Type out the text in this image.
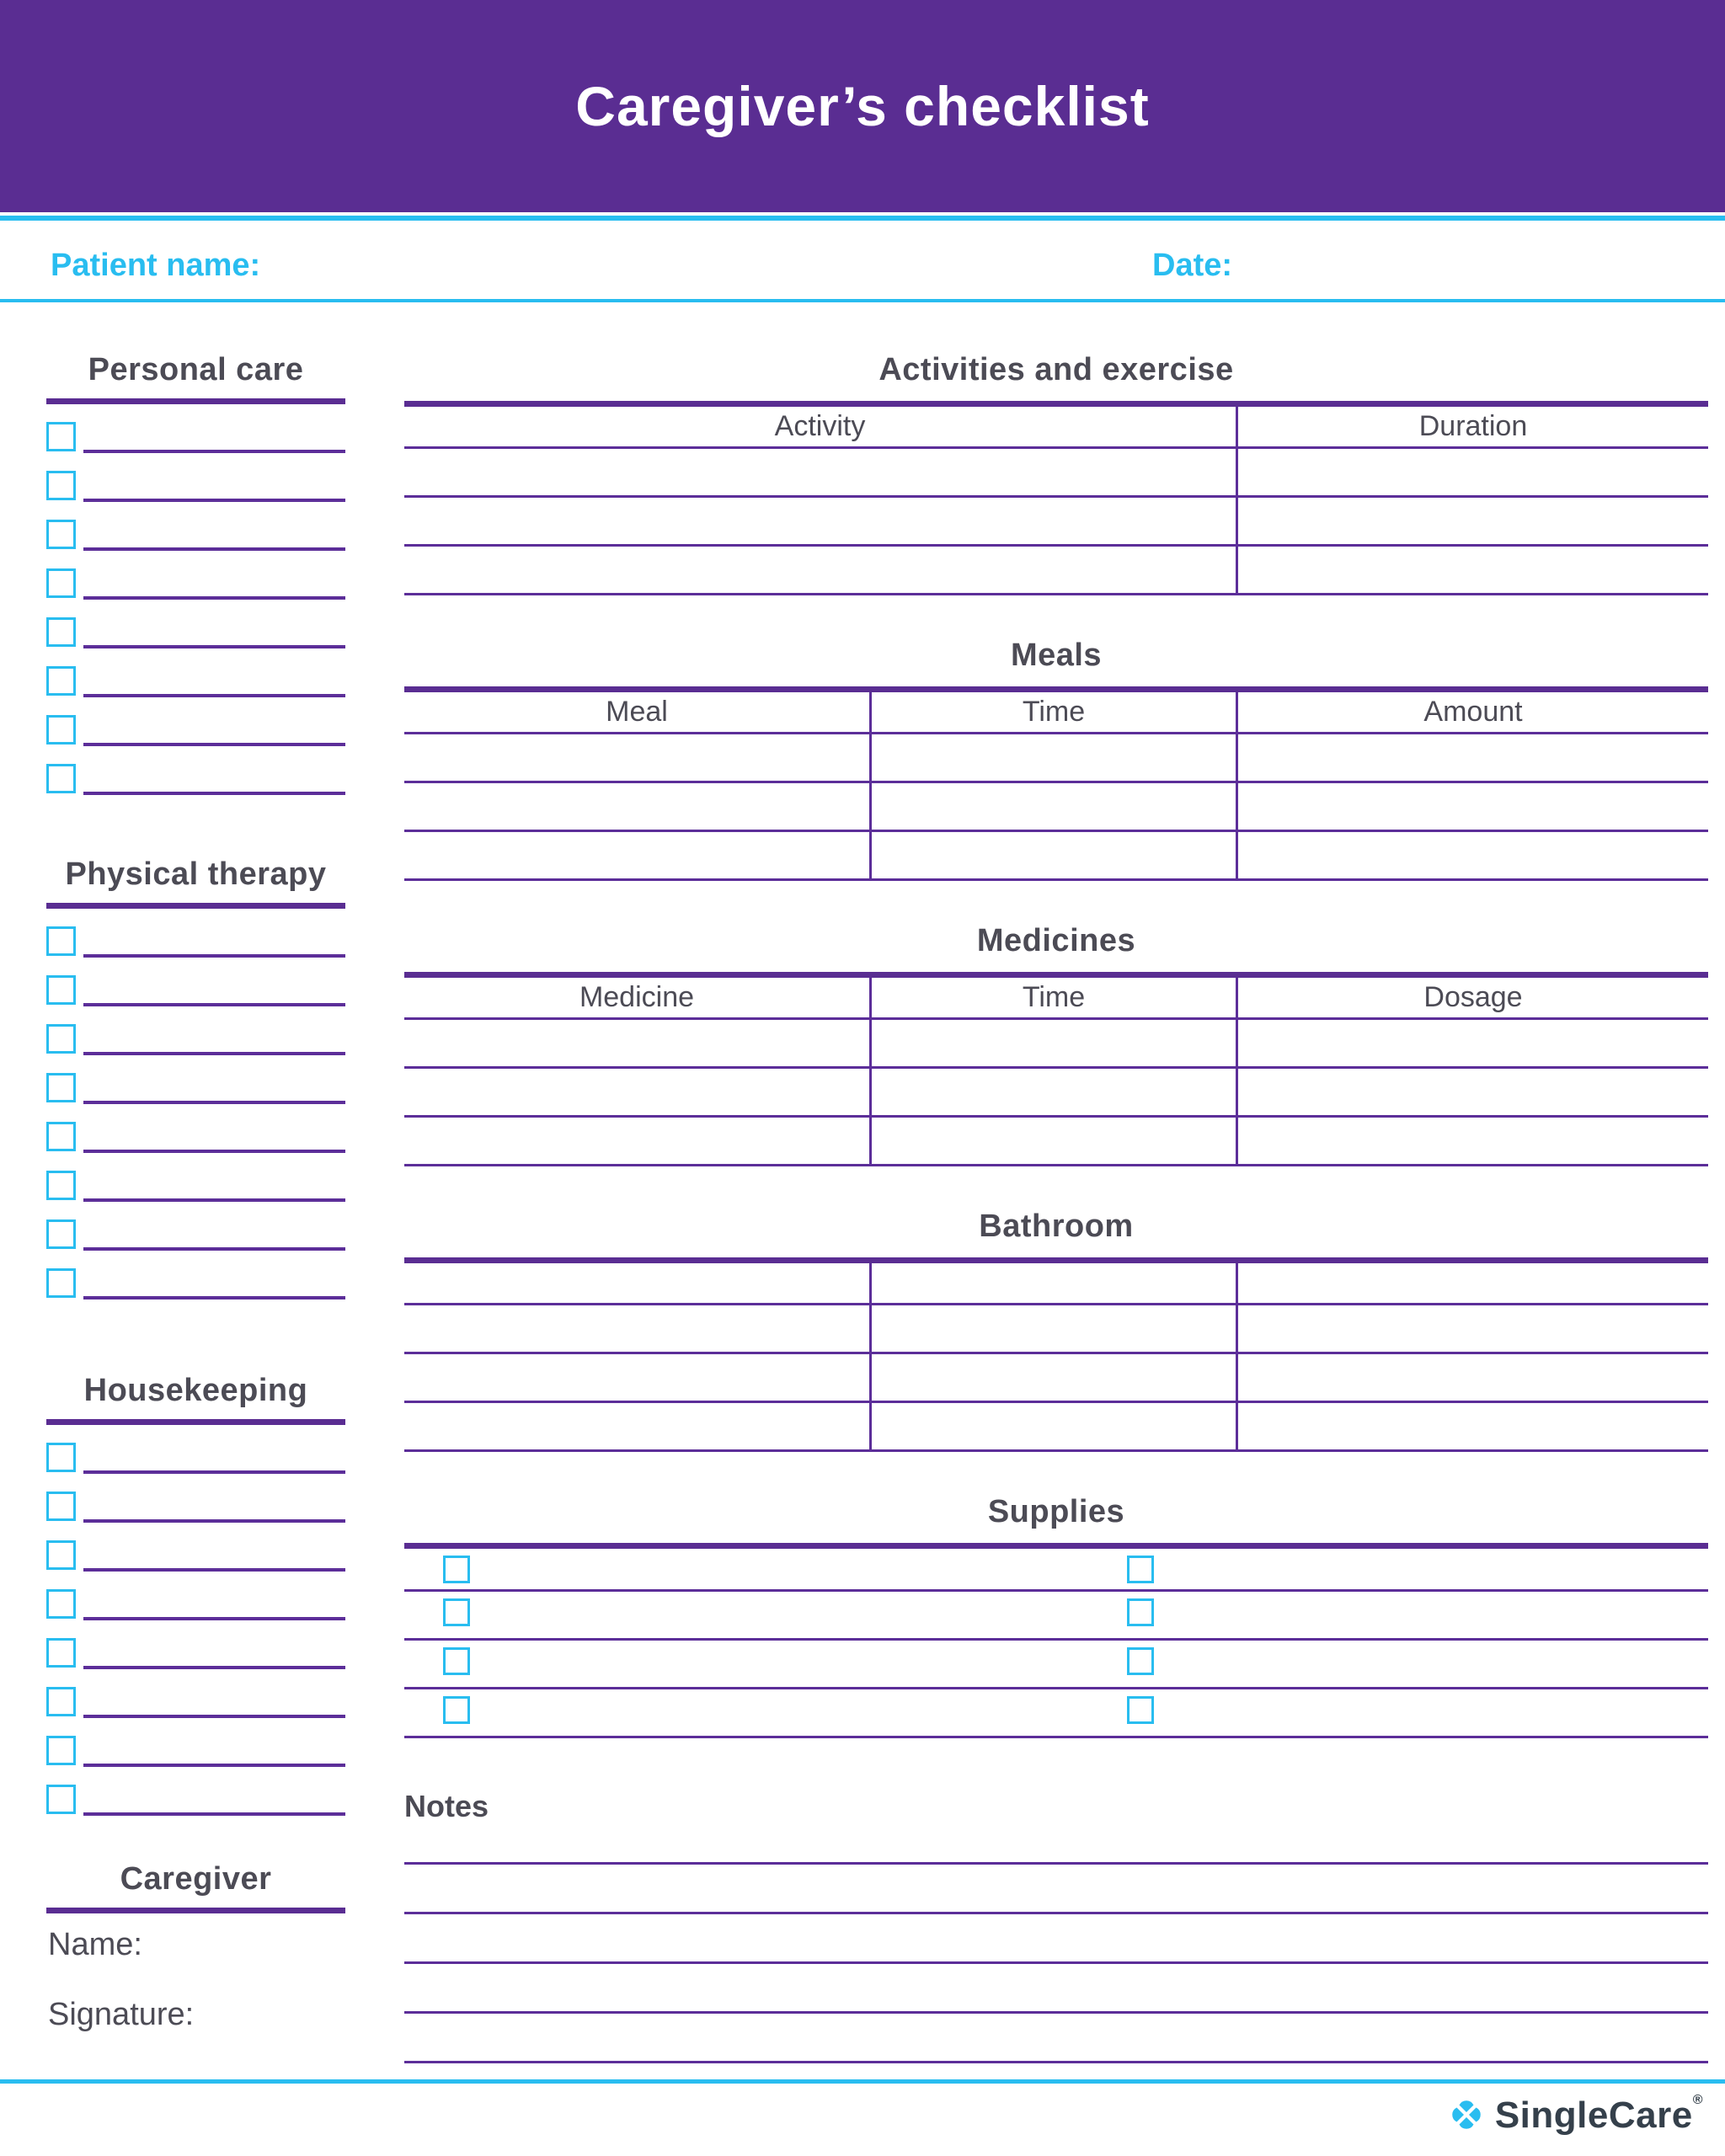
Caregiver’s checklist
Patient name:	Date:
Personal care
Physical therapy
Housekeeping
Caregiver
Name:
Signature:
Activities and exercise
Activity	Duration
Meals
Meal	Time	Amount
Medicines
Medicine	Time	Dosage
Bathroom
Supplies
Notes
SingleCare®
